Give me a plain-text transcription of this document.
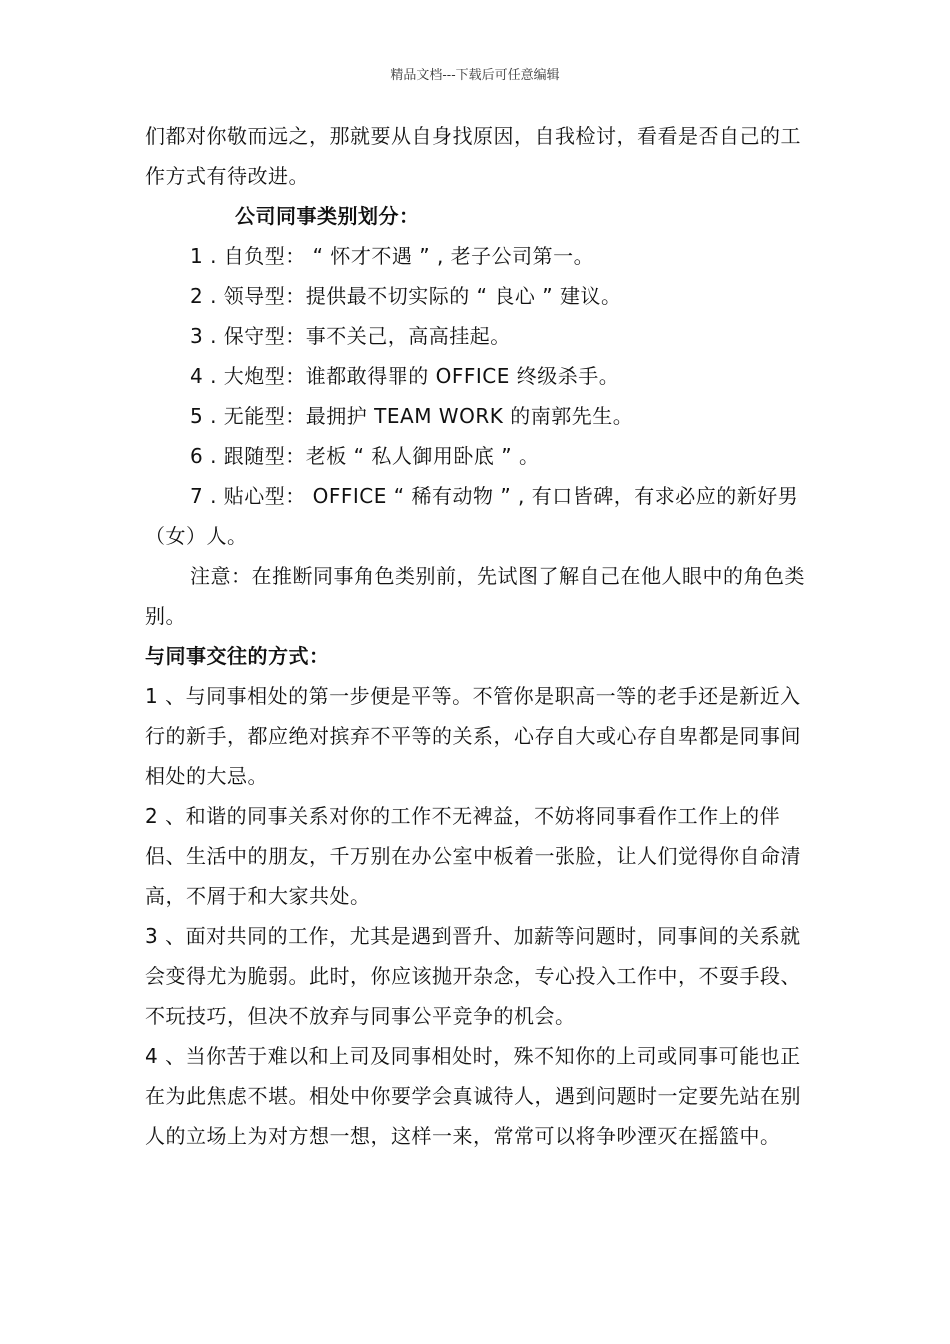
精品文档---下载后可任意编辑

们都对你敬而远之，那就要从自身找原因，自我检讨，看看是否自己的工作方式有待改进。

公司同事类别划分：

1 . 自负型： “ 怀才不遇 ” , 老子公司第一。

2 . 领导型：提供最不切实际的 “ 良心 ” 建议。

3 . 保守型：事不关己，高高挂起。

4 . 大炮型：谁都敢得罪的 OFFICE 终级杀手。

5 . 无能型：最拥护 TEAM WORK 的南郭先生。

6 . 跟随型：老板 “ 私人御用卧底 ” 。

7 . 贴心型： OFFICE “ 稀有动物 ” , 有口皆碑，有求必应的新好男（女）人。

注意：在推断同事角色类别前，先试图了解自己在他人眼中的角色类别。

与同事交往的方式：

1 、与同事相处的第一步便是平等。不管你是职高一等的老手还是新近入行的新手，都应绝对摈弃不平等的关系，心存自大或心存自卑都是同事间相处的大忌。

2 、和谐的同事关系对你的工作不无裨益，不妨将同事看作工作上的伴侣、生活中的朋友，千万别在办公室中板着一张脸，让人们觉得你自命清高，不屑于和大家共处。

3 、面对共同的工作，尤其是遇到晋升、加薪等问题时，同事间的关系就会变得尤为脆弱。此时，你应该抛开杂念，专心投入工作中，不耍手段、不玩技巧，但决不放弃与同事公平竞争的机会。

4 、当你苦于难以和上司及同事相处时，殊不知你的上司或同事可能也正在为此焦虑不堪。相处中你要学会真诚待人，遇到问题时一定要先站在别人的立场上为对方想一想，这样一来，常常可以将争吵湮灭在摇篮中。
